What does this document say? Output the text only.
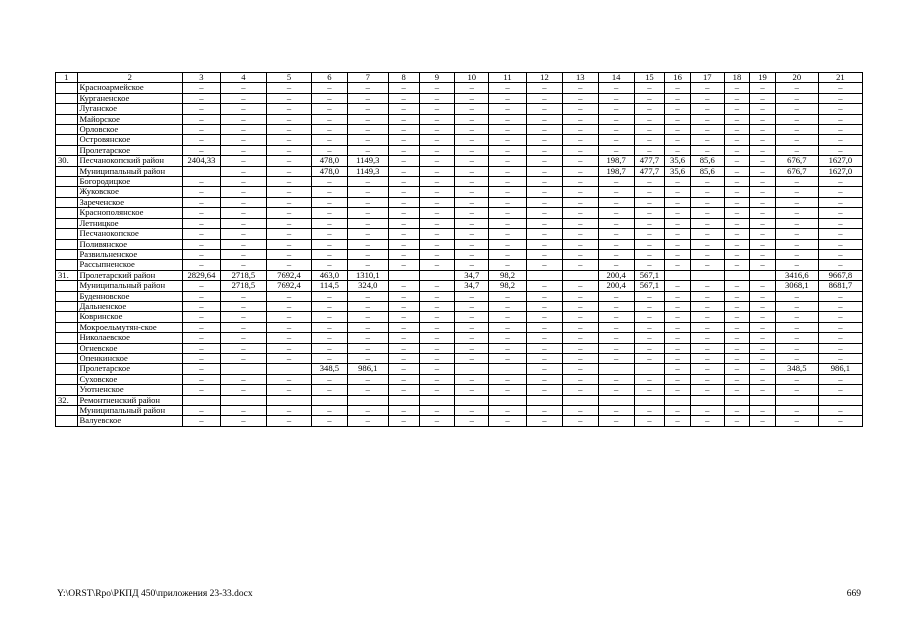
1	2	3	4	5	6	7	8	9	10	11	12	13	14	15	16	17	18	19	20	21
	Красноармейское	–	–	–	–	–	–	–	–	–	–	–	–	–	–	–	–	–	–	–
	Курганенское	–	–	–	–	–	–	–	–	–	–	–	–	–	–	–	–	–	–	–
	Луганское	–	–	–	–	–	–	–	–	–	–	–	–	–	–	–	–	–	–	–
	Майорское	–	–	–	–	–	–	–	–	–	–	–	–	–	–	–	–	–	–	–
	Орловское	–	–	–	–	–	–	–	–	–	–	–	–	–	–	–	–	–	–	–
	Островянское	–	–	–	–	–	–	–	–	–	–	–	–	–	–	–	–	–	–	–
	Пролетарское	–	–	–	–	–	–	–	–	–	–	–	–	–	–	–	–	–	–	–
30.	Песчанокопский район	2404,33	–	–	478,0	1149,3	–	–	–	–	–	–	198,7	477,7	35,6	85,6	–	–	676,7	1627,0
	Муниципальный район		–	–	478,0	1149,3	–	–	–	–	–	–	198,7	477,7	35,6	85,6	–	–	676,7	1627,0
	Богородицкое	–	–	–	–	–	–	–	–	–	–	–	–	–	–	–	–	–	–	–
	Жуковское	–	–	–	–	–	–	–	–	–	–	–	–	–	–	–	–	–	–	–
	Зареченское	–	–	–	–	–	–	–	–	–	–	–	–	–	–	–	–	–	–	–
	Краснополянское	–	–	–	–	–	–	–	–	–	–	–	–	–	–	–	–	–	–	–
	Летницкое	–	–	–	–	–	–	–	–	–	–	–	–	–	–	–	–	–	–	–
	Песчанокопское	–	–	–	–	–	–	–	–	–	–	–	–	–	–	–	–	–	–	–
	Поливянское	–	–	–	–	–	–	–	–	–	–	–	–	–	–	–	–	–	–	–
	Развильненское	–	–	–	–	–	–	–	–	–	–	–	–	–	–	–	–	–	–	–
	Рассыпненское	–	–	–	–	–	–	–	–	–	–	–	–	–	–	–	–	–	–	–
31.	Пролетарский район	2829,64	2718,5	7692,4	463,0	1310,1			34,7	98,2			200,4	567,1					3416,6	9667,8
	Муниципальный район	–	2718,5	7692,4	114,5	324,0	–	–	34,7	98,2	–	–	200,4	567,1	–	–	–	–	3068,1	8681,7
	Буденновское	–	–	–	–	–	–	–	–	–	–	–	–	–	–	–	–	–	–	–
	Дальненское	–	–	–	–	–	–	–	–	–	–	–	–	–	–	–	–	–	–	–
	Ковринское	–	–	–	–	–	–	–	–	–	–	–	–	–	–	–	–	–	–	–
	Мокроельмутян-ское	–	–	–	–	–	–	–	–	–	–	–	–	–	–	–	–	–	–	–
	Николаевское	–	–	–	–	–	–	–	–	–	–	–	–	–	–	–	–	–	–	–
	Огневское	–	–	–	–	–	–	–	–	–	–	–	–	–	–	–	–	–	–	–
	Опенкинское	–	–	–	–	–	–	–	–	–	–	–	–	–	–	–	–	–	–	–
	Пролетарское	–			348,5	986,1	–	–			–	–			–	–	–	–	348,5	986,1
	Суховское	–	–	–	–	–	–	–	–	–	–	–	–	–	–	–	–	–	–	–
	Уютненское	–	–	–	–	–	–	–	–	–	–	–	–	–	–	–	–	–	–	–
32.	Ремонтненский район																			
	Муниципальный район	–	–	–	–	–	–	–	–	–	–	–	–	–	–	–	–	–	–	–
	Валуевское	–	–	–	–	–	–	–	–	–	–	–	–	–	–	–	–	–	–	–
Y:\ORST\Rpo\РКПД 450\приложения 23-33.docx	669
